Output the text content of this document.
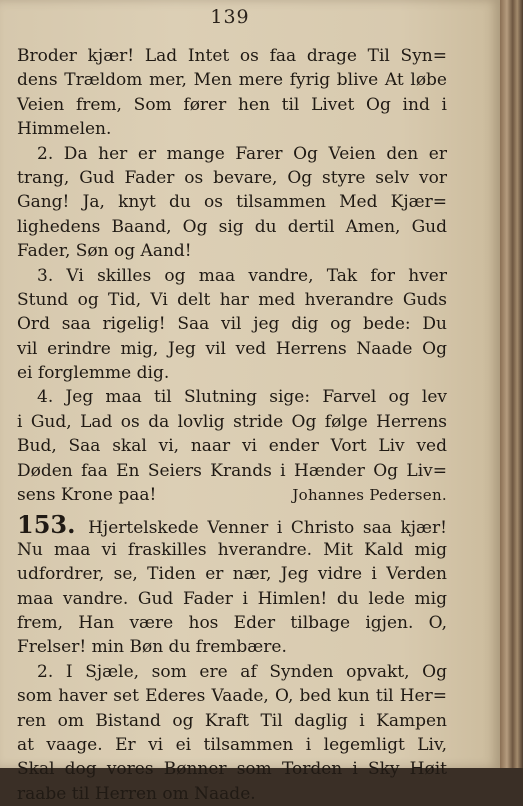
139
Broder kjær! Lad Intet os faa drage Til Syn=
dens Trældom mer, Men mere fyrig blive At løbe
Veien frem, Som fører hen til Livet Og ind i
Himmelen.
2. Da her er mange Farer Og Veien den er
trang, Gud Fader os bevare, Og styre selv vor
Gang! Ja, knyt du os tilsammen Med Kjær=
lighedens Baand, Og sig du dertil Amen, Gud
Fader, Søn og Aand!
3. Vi skilles og maa vandre, Tak for hver
Stund og Tid, Vi delt har med hverandre Guds
Ord saa rigelig! Saa vil jeg dig og bede: Du
vil erindre mig, Jeg vil ved Herrens Naade Og
ei forglemme dig.
4. Jeg maa til Slutning sige: Farvel og lev
i Gud, Lad os da lovlig stride Og følge Herrens
Bud, Saa skal vi, naar vi ender Vort Liv ved
Døden faa En Seiers Krands i Hænder Og Liv=
sens Krone paa!	Johannes Pedersen.
153. Hjertelskede Venner i Christo saa kjær!
Nu maa vi fraskilles hverandre. Mit Kald mig
udfordrer, se, Tiden er nær, Jeg vidre i Verden
maa vandre. Gud Fader i Himlen! du lede mig
frem, Han være hos Eder tilbage igjen. O,
Frelser! min Bøn du frembære.
2. I Sjæle, som ere af Synden opvakt, Og
som haver set Ederes Vaade, O, bed kun til Her=
ren om Bistand og Kraft Til daglig i Kampen
at vaage. Er vi ei tilsammen i legemligt Liv,
Skal dog vores Bønner som Torden i Sky Høit
raabe til Herren om Naade.
